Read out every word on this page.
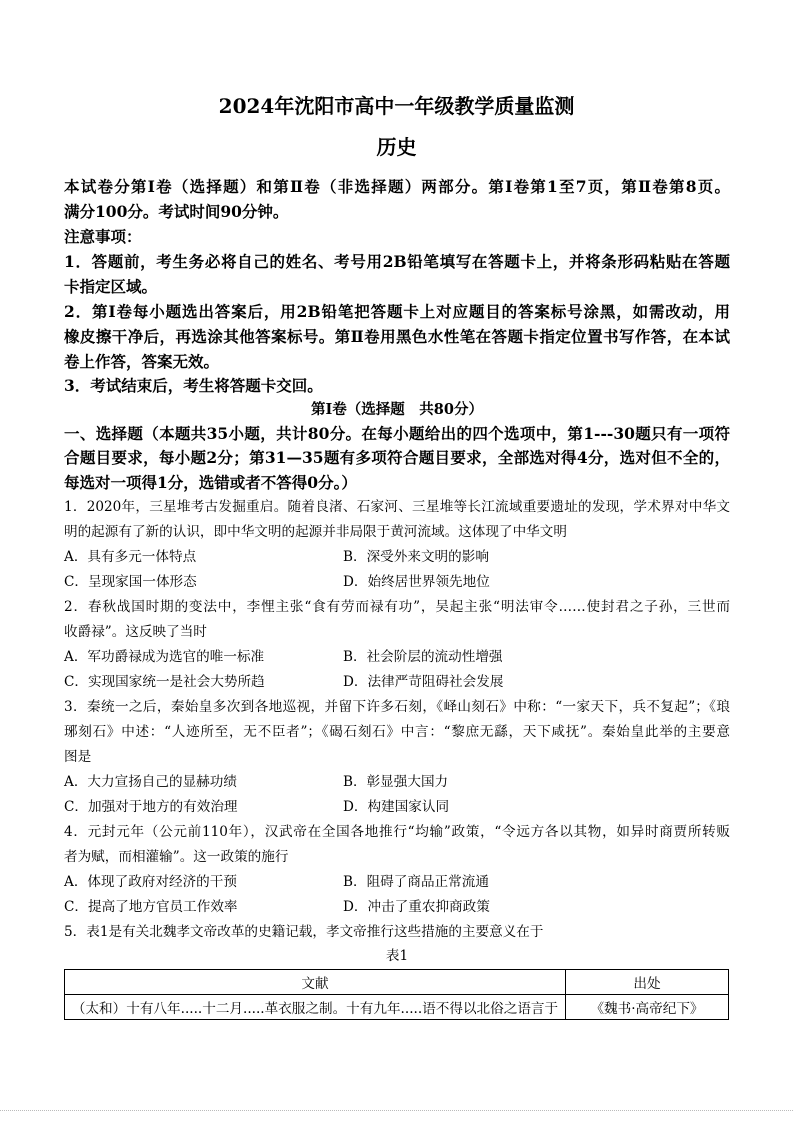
2024年沈阳市高中一年级教学质量监测
历史
本试卷分第Ⅰ卷（选择题）和第Ⅱ卷（非选择题）两部分。第Ⅰ卷第1至7页，第Ⅱ卷第8页。
满分100分。考试时间90分钟。
注意事项：
1．答题前，考生务必将自己的姓名、考号用2B铅笔填写在答题卡上，并将条形码粘贴在答题
卡指定区域。
2．第Ⅰ卷每小题选出答案后，用2B铅笔把答题卡上对应题目的答案标号涂黑，如需改动，用
橡皮擦干净后，再选涂其他答案标号。第Ⅱ卷用黑色水性笔在答题卡指定位置书写作答，在本试
卷上作答，答案无效。
3．考试结束后，考生将答题卡交回。
第Ⅰ卷（选择题　共80分）
一、选择题（本题共35小题，共计80分。在每小题给出的四个选项中，第1---30题只有一项符
合题目要求，每小题2分；第31—35题有多项符合题目要求，全部选对得4分，选对但不全的，
每选对一项得1分，选错或者不答得0分。）
1．2020年，三星堆考古发掘重启。随着良渚、石家河、三星堆等长江流域重要遗址的发现，学术界对中华文
明的起源有了新的认识，即中华文明的起源并非局限于黄河流域。这体现了中华文明
A．具有多元一体特点	B．深受外来文明的影响
C．呈现家国一体形态	D．始终居世界领先地位
2．春秋战国时期的变法中，李悝主张“食有劳而禄有功”，吴起主张“明法审令……使封君之子孙，三世而
收爵禄”。这反映了当时
A．军功爵禄成为选官的唯一标准	B．社会阶层的流动性增强
C．实现国家统一是社会大势所趋	D．法律严苛阻碍社会发展
3．秦统一之后，秦始皇多次到各地巡视，并留下许多石刻，《峄山刻石》中称：“一家天下，兵不复起”；《琅
琊刻石》中述：“人迹所至，无不臣者”；《碣石刻石》中言：“黎庶无繇，天下咸抚”。秦始皇此举的主要意
图是
A．大力宣扬自己的显赫功绩	B．彰显强大国力
C．加强对于地方的有效治理	D．构建国家认同
4．元封元年（公元前110年），汉武帝在全国各地推行“均输”政策，“令远方各以其物，如异时商贾所转贩
者为赋，而相灌输”。这一政策的施行
A．体现了政府对经济的干预	B．阻碍了商品正常流通
C．提高了地方官员工作效率	D．冲击了重农抑商政策
5．表1是有关北魏孝文帝改革的史籍记载，孝文帝推行这些措施的主要意义在于
表1
文献	出处
（太和）十有八年.....十二月.....革衣服之制。十有九年.....语不得以北俗之语言于	《魏书·高帝纪下》
